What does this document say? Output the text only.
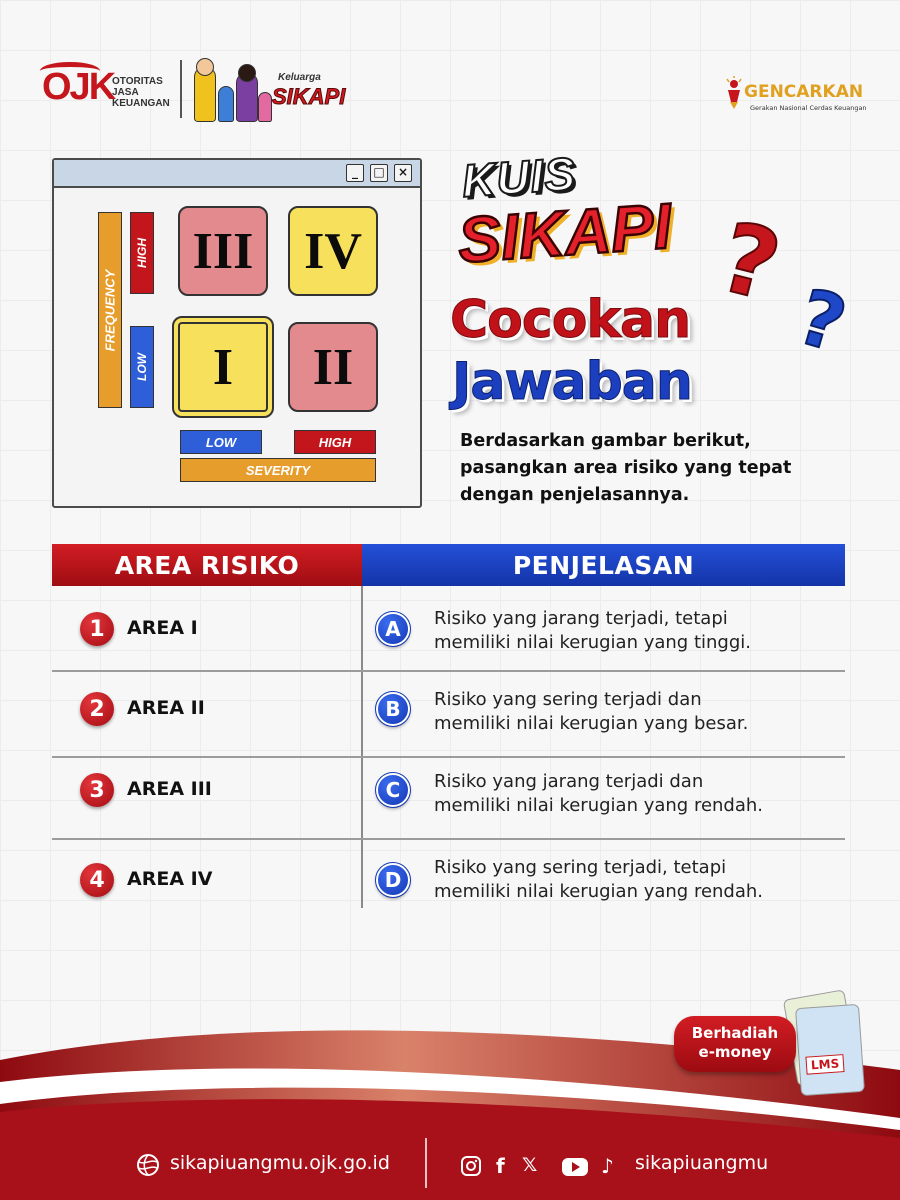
OJK
OTORITAS
JASA
KEUANGAN
Keluarga
SIKAPI	GENCARKAN
Gerakan Nasional Cerdas Keuangan
_	□	×
FREQUENCY
HIGH
LOW
III IV
I	II
LOW	HIGH
SEVERITY
KUIS
SIKAPI ?
?
Cocokan
Jawaban
Berdasarkan gambar berikut, pasangkan area risiko yang tepat dengan penjelasannya.
AREA RISIKO	PENJELASAN
1	AREA I	A	Risiko yang jarang terjadi, tetapi
memiliki nilai kerugian yang tinggi.
2	AREA II	B	Risiko yang sering terjadi dan
memiliki nilai kerugian yang besar.
3	AREA III	C	Risiko yang jarang terjadi dan
memiliki nilai kerugian yang rendah.
4	AREA IV	D
Risiko yang sering terjadi, tetapi
memiliki nilai kerugian yang rendah.
LMS
Berhadiah
e-money
sikapiuangmu.ojk.go.id	f 𝕏	♪ sikapiuangmu
